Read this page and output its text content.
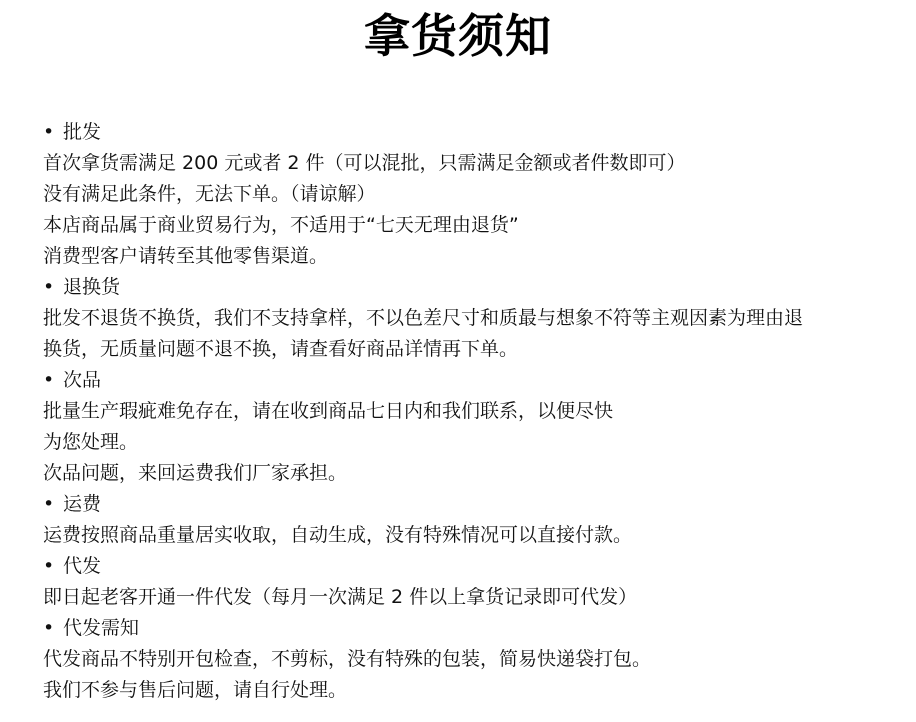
拿货须知
• 批发
首次拿货需满足 200 元或者 2 件（可以混批，只需满足金额或者件数即可）
没有满足此条件，无法下单。（请谅解）
本店商品属于商业贸易行为，不适用于“七天无理由退货”
消费型客户请转至其他零售渠道。
• 退换货
批发不退货不换货，我们不支持拿样，不以色差尺寸和质最与想象不符等主观因素为理由退
换货，无质量问题不退不换，请查看好商品详情再下单。
• 次品
批量生产瑕疵难免存在，请在收到商品七日内和我们联系，以便尽快
为您处理。
次品问题，来回运费我们厂家承担。
• 运费
运费按照商品重量居实收取，自动生成，没有特殊情况可以直接付款。
• 代发
即日起老客开通一件代发（每月一次满足 2 件以上拿货记录即可代发）
• 代发需知
代发商品不特别开包检查，不剪标，没有特殊的包装，简易快递袋打包。
我们不参与售后问题，请自行处理。
